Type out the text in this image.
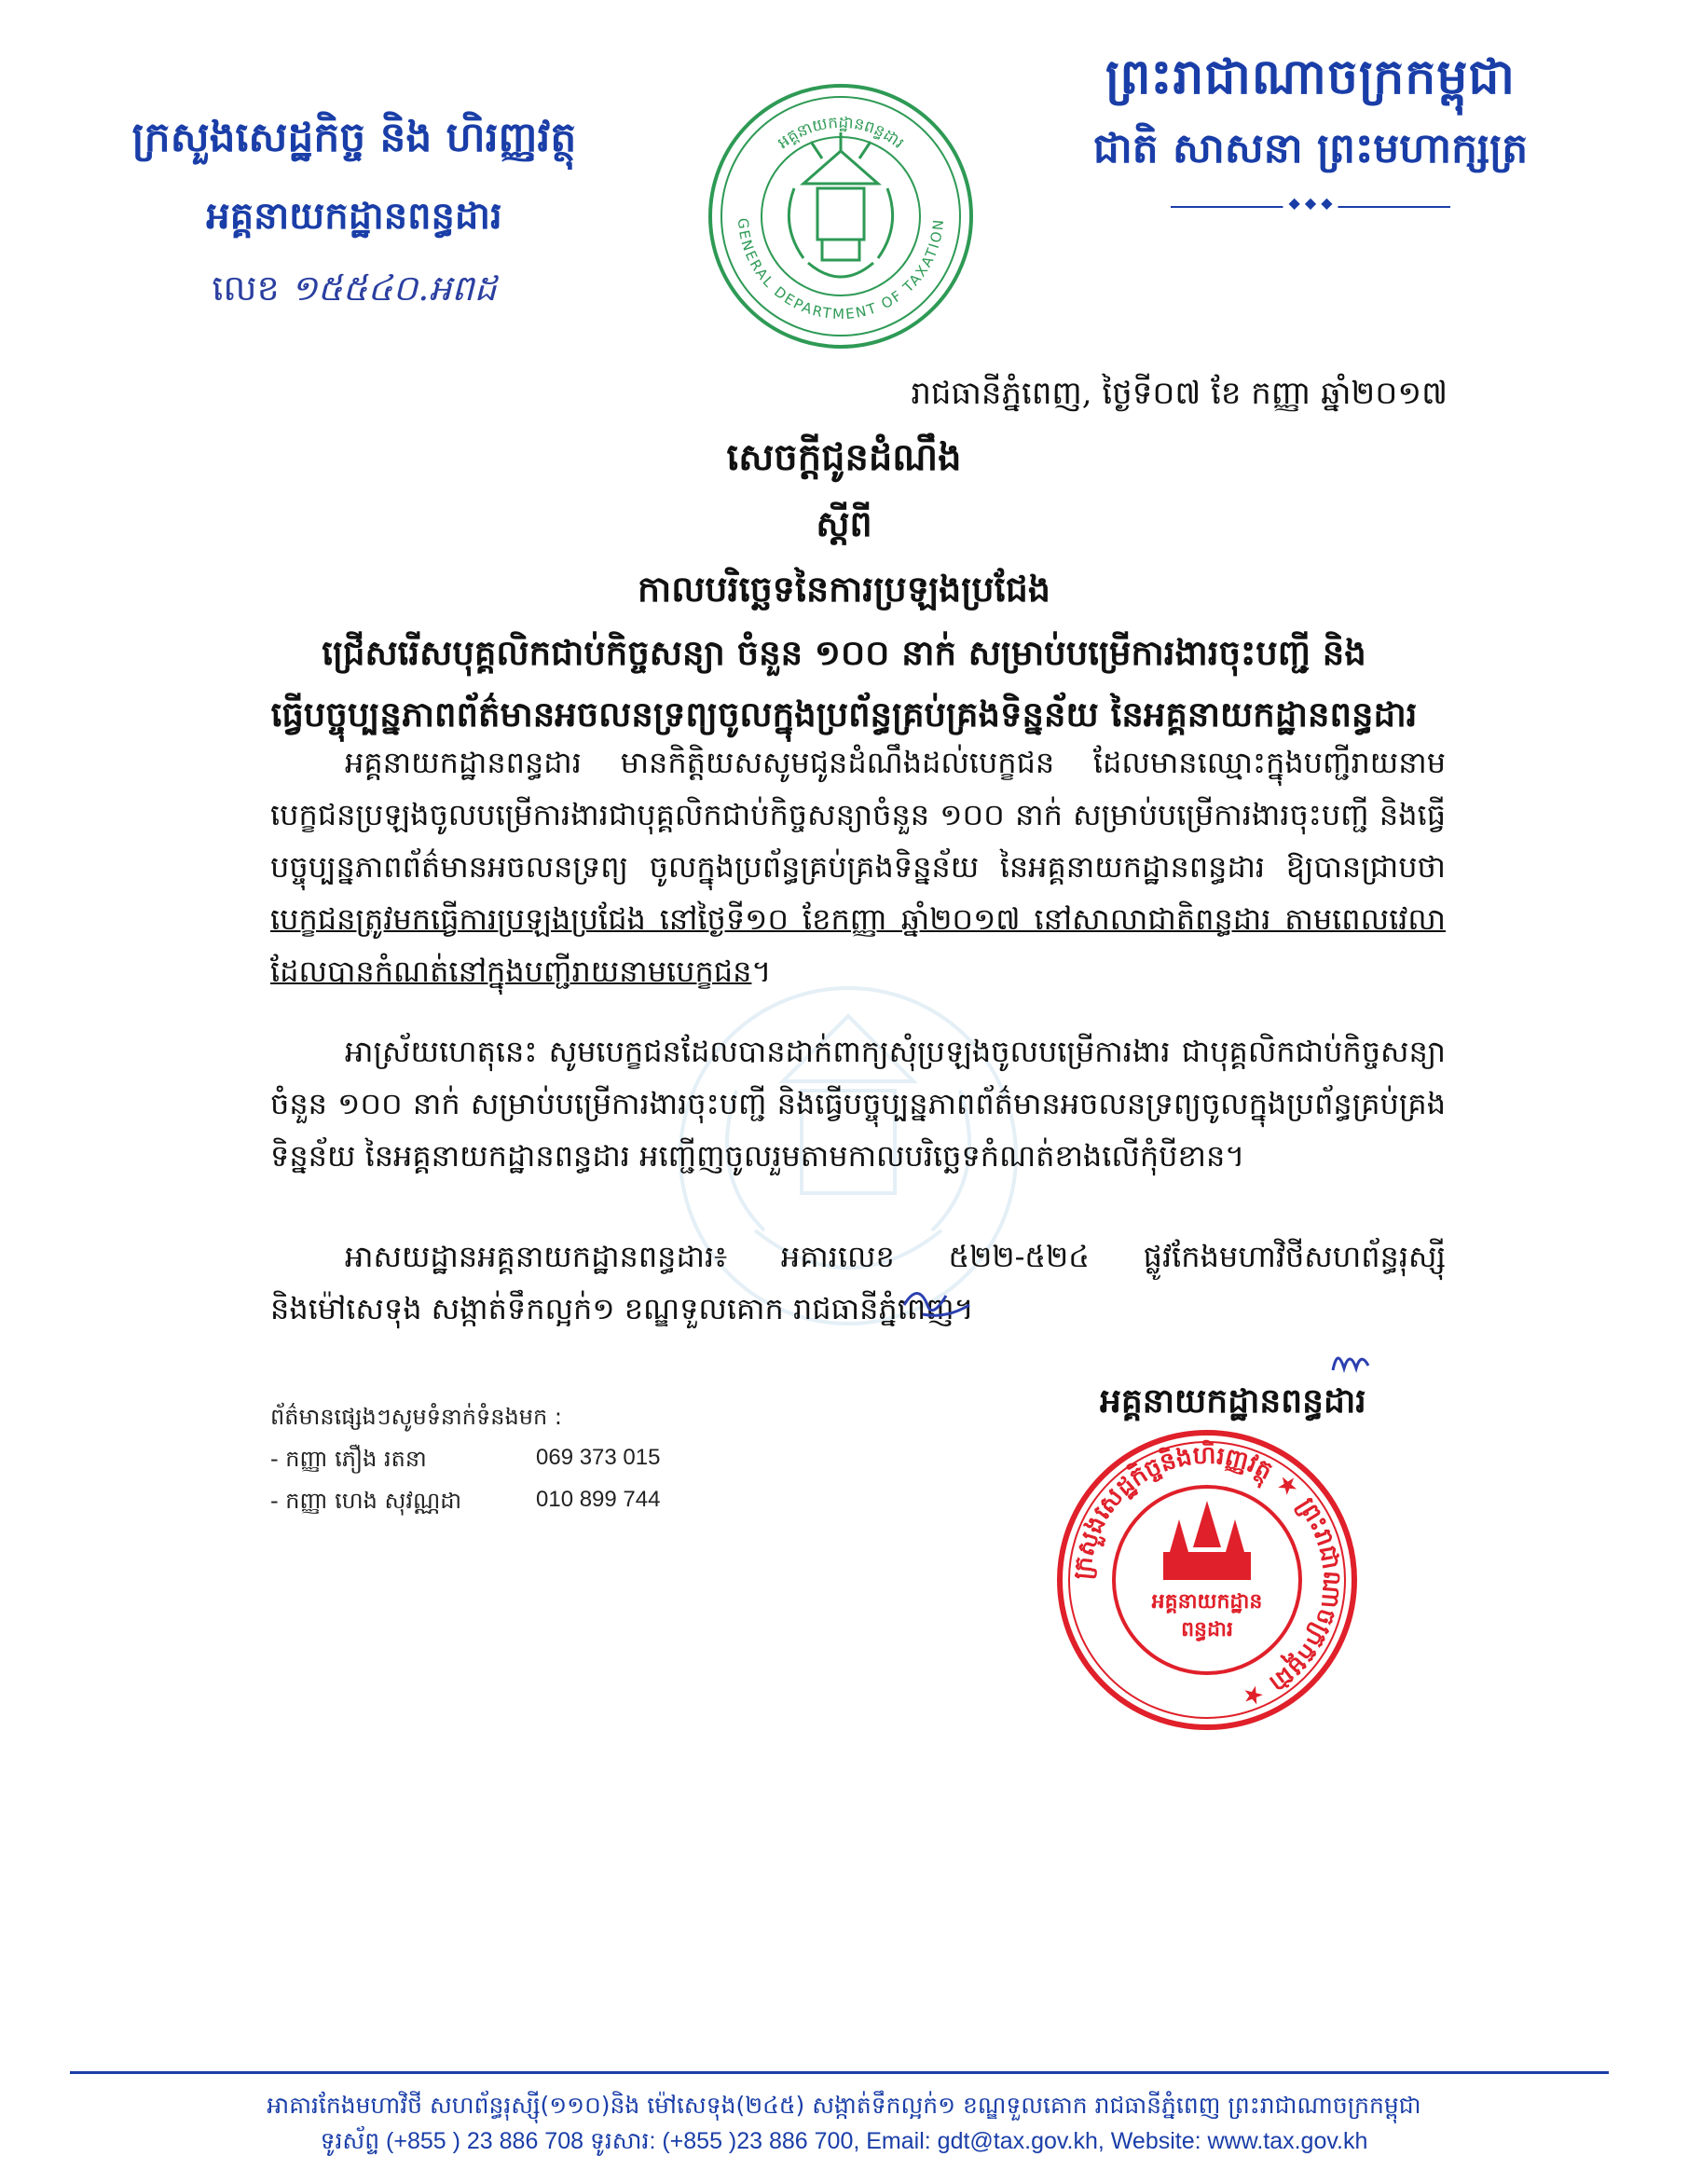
ព្រះរាជាណាចក្រកម្ពុជា
ជាតិ សាសនា ព្រះមហាក្សត្រ
◆ ◆ ◆
ក្រសួងសេដ្ឋកិច្ច និង ហិរញ្ញវត្ថុ
អគ្គនាយកដ្ឋានពន្ធដារ
លេខ ១៥៥៤០.អពដ
GENERAL DEPARTMENT OF TAXATION
អគ្គនាយកដ្ឋានពន្ធដារ
រាជធានីភ្នំពេញ, ថ្ងៃទី០៧ ខែ កញ្ញា ឆ្នាំ២០១៧
សេចក្តីជូនដំណឹង
ស្តីពី
កាលបរិច្ឆេទនៃការប្រឡងប្រជែង
ជ្រើសរើសបុគ្គលិកជាប់កិច្ចសន្យា ចំនួន ១០០ នាក់ សម្រាប់បម្រើការងារចុះបញ្ជី និង
ធ្វើបច្ចុប្បន្នភាពព័ត៌មានអចលនទ្រព្យចូលក្នុងប្រព័ន្ធគ្រប់គ្រងទិន្នន័យ នៃអគ្គនាយកដ្ឋានពន្ធដារ
អគ្គនាយកដ្ឋានពន្ធដារ មានកិត្តិយសសូមជូនដំណឹងដល់បេក្ខជន ដែលមានឈ្មោះក្នុងបញ្ជីរាយនាមបេក្ខជនប្រឡងចូលបម្រើការងារជាបុគ្គលិកជាប់កិច្ចសន្យាចំនួន ១០០ នាក់ សម្រាប់បម្រើការងារចុះបញ្ជី និងធ្វើបច្ចុប្បន្នភាពព័ត៌មានអចលនទ្រព្យ ចូលក្នុងប្រព័ន្ធគ្រប់គ្រងទិន្នន័យ នៃអគ្គនាយកដ្ឋានពន្ធដារ ឱ្យបានជ្រាបថា បេក្ខជនត្រូវមកធ្វើការប្រឡងប្រជែង នៅថ្ងៃទី១០ ខែកញ្ញា ឆ្នាំ២០១៧ នៅសាលាជាតិពន្ធដារ តាមពេលវេលាដែលបានកំណត់នៅក្នុងបញ្ជីរាយនាមបេក្ខជន។
អាស្រ័យហេតុនេះ សូមបេក្ខជនដែលបានដាក់ពាក្យសុំប្រឡងចូលបម្រើការងារ ជាបុគ្គលិកជាប់កិច្ចសន្យាចំនួន ១០០ នាក់ សម្រាប់បម្រើការងារចុះបញ្ជី និងធ្វើបច្ចុប្បន្នភាពព័ត៌មានអចលនទ្រព្យចូលក្នុងប្រព័ន្ធគ្រប់គ្រងទិន្នន័យ នៃអគ្គនាយកដ្ឋានពន្ធដារ អញ្ជើញចូលរួមតាមកាលបរិច្ឆេទកំណត់ខាងលើកុំបីខាន។
អាសយដ្ឋានអគ្គនាយកដ្ឋានពន្ធដារ៖ អគារលេខ ៥២២-៥២៤ ផ្លូវកែងមហាវិថីសហព័ន្ធរុស្ស៊ី និងម៉ៅសេទុង សង្កាត់ទឹកល្អក់១ ខណ្ឌទួលគោក រាជធានីភ្នំពេញ។
អគ្គនាយកដ្ឋានពន្ធដារ
ក្រសួងសេដ្ឋកិច្ចនិងហិរញ្ញវត្ថុ ★ ព្រះរាជាណាចក្រកម្ពុជា ★
អគ្គនាយកដ្ឋាន
ពន្ធដារ
ព័ត៌មានផ្សេងៗសូមទំនាក់ទំនងមក :
- កញ្ញា ភឿង រតនា	069 373 015
- កញ្ញា ហេង សុវណ្ណដា	010 899 744
អាគារកែងមហាវិថី សហព័ន្ធរុស្ស៊ី(១១០)និង ម៉ៅសេទុង(២៤៥) សង្កាត់ទឹកល្អក់១ ខណ្ឌទួលគោក រាជធានីភ្នំពេញ ព្រះរាជាណាចក្រកម្ពុជា
ទូរស័ព្ទ (+855 ) 23 886 708 ទូរសារ: (+855 )23 886 700, Email: gdt@tax.gov.kh, Website: www.tax.gov.kh
